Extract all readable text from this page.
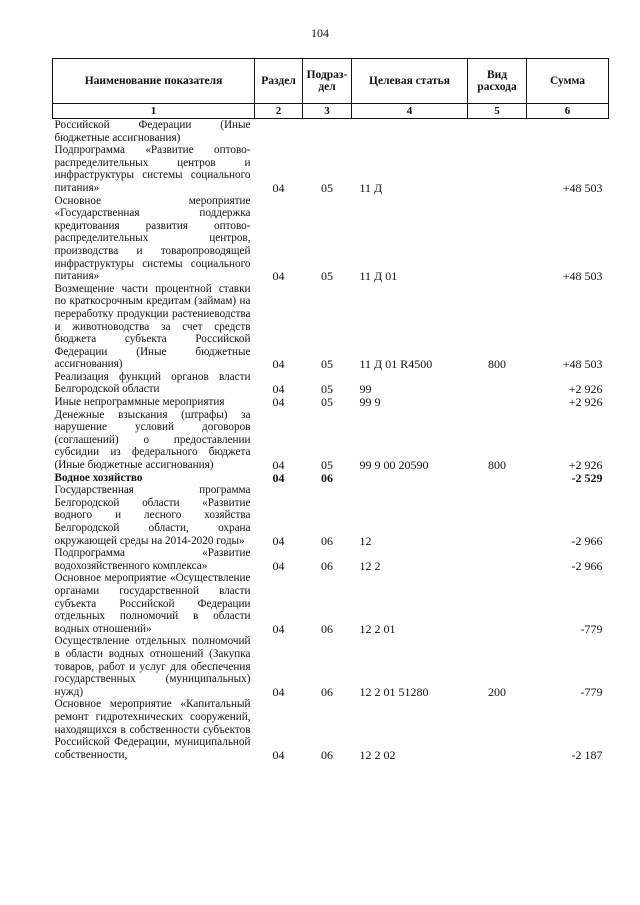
104
Наименование показателя	Раздел	Подраз-дел	Целевая статья	Вид расхода	Сумма
1	2	3	4	5	6
Российской Федерации (Иные бюджетные ассигнования)					
Подпрограмма «Развитие оптово-распределительных центров и инфраструктуры системы социального питания»	04	05	11 Д		+48 503
Основное мероприятие «Государственная поддержка кредитования развития оптово-распределительных центров, производства и товаропроводящей инфраструктуры системы социального питания»	04	05	11 Д 01		+48 503
Возмещение части процентной ставки по краткосрочным кредитам (займам) на переработку продукции растениеводства и животноводства за счет средств бюджета субъекта Российской Федерации (Иные бюджетные ассигнования)	04	05	11 Д 01 R4500	800	+48 503
Реализация функций органов власти Белгородской области	04	05	99		+2 926
Иные непрограммные мероприятия	04	05	99 9		+2 926
Денежные взыскания (штрафы) за нарушение условий договоров (соглашений) о предоставлении субсидии из федерального бюджета (Иные бюджетные ассигнования)	04	05	99 9 00 20590	800	+2 926
Водное хозяйство	04	06			-2 529
Государственная программа Белгородской области «Развитие водного и лесного хозяйства Белгородской области, охрана окружающей среды на 2014-2020 годы»	04	06	12		-2 966
Подпрограмма «Развитие водохозяйственного комплекса»	04	06	12 2		-2 966
Основное мероприятие «Осуществление органами государственной власти субъекта Российской Федерации отдельных полномочий в области водных отношений»	04	06	12 2 01		-779
Осуществление отдельных полномочий в области водных отношений (Закупка товаров, работ и услуг для обеспечения государственных (муниципальных) нужд)	04	06	12 2 01 51280	200	-779
Основное мероприятие «Капитальный ремонт гидротехнических сооружений, находящихся в собственности субъектов Российской Федерации, муниципальной собственности,	04	06	12 2 02		-2 187
